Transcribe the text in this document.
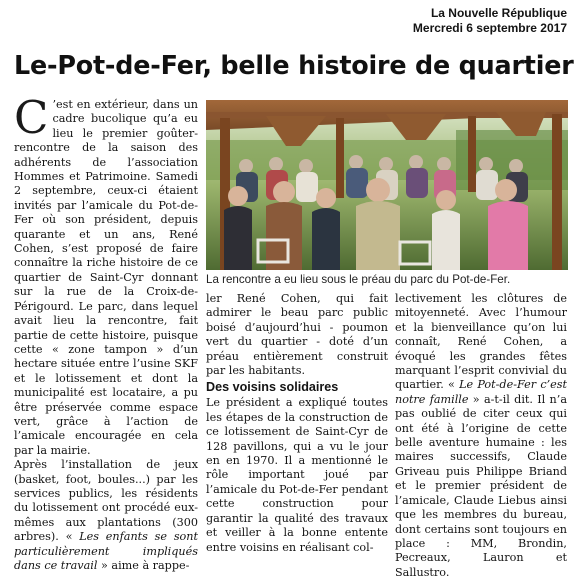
La Nouvelle République
Mercredi 6 septembre 2017
Le-Pot-de-Fer, belle histoire de quartier

C ’est en extérieur, dans un cadre bucolique qu’a eu lieu le premier goûter-rencontre de la saison des adhérents de l’association Hommes et Patrimoine. Samedi 2 septembre, ceux-ci étaient invités par l’amicale du Pot-de-Fer où son président, depuis quarante et un ans, René Cohen, s’est proposé de faire connaître la riche histoire de ce quartier de Saint-Cyr donnant sur la rue de la Croix-de-Périgourd. Le parc, dans lequel avait lieu la rencontre, fait partie de cette histoire, puisque cette « zone tampon » d’un hectare située entre l’usine SKF et le lotissement et dont la municipalité est locataire, a pu être préservée comme espace vert, grâce à l’action de l’amicale encouragée en cela par la mairie.

Après l’installation de jeux (basket, foot, boules...) par les services publics, les résidents du lotissement ont procédé eux-mêmes aux plantations (300 arbres). « Les enfants se sont particulièrement impliqués dans ce travail » aime à rappe-

La rencontre a eu lieu sous le préau du parc du Pot-de-Fer.

ler René Cohen, qui fait admirer le beau parc public boisé d’aujourd’hui - poumon vert du quartier - doté d’un préau entièrement construit par les habitants.

Des voisins solidaires

Le président a expliqué toutes les étapes de la construction de ce lotissement de Saint-Cyr de 128 pavillons, qui a vu le jour en en 1970. Il a mentionné le rôle important joué par l’amicale du Pot-de-Fer pendant cette construction pour garantir la qualité des travaux et veiller à la bonne entente entre voisins en réalisant col-

lectivement les clôtures de mitoyenneté. Avec l’humour et la bienveillance qu’on lui connaît, René Cohen, a évoqué les grandes fêtes marquant l’esprit convivial du quartier. « Le Pot-de-Fer c’est notre famille » a-t-il dit. Il n’a pas oublié de citer ceux qui ont été à l’origine de cette belle aventure humaine : les maires successifs, Claude Griveau puis Philippe Briand et le premier président de l’amicale, Claude Liebus ainsi que les membres du bureau, dont certains sont toujours en place : MM, Brondin, Pecreaux, Lauron et Sallustro.
